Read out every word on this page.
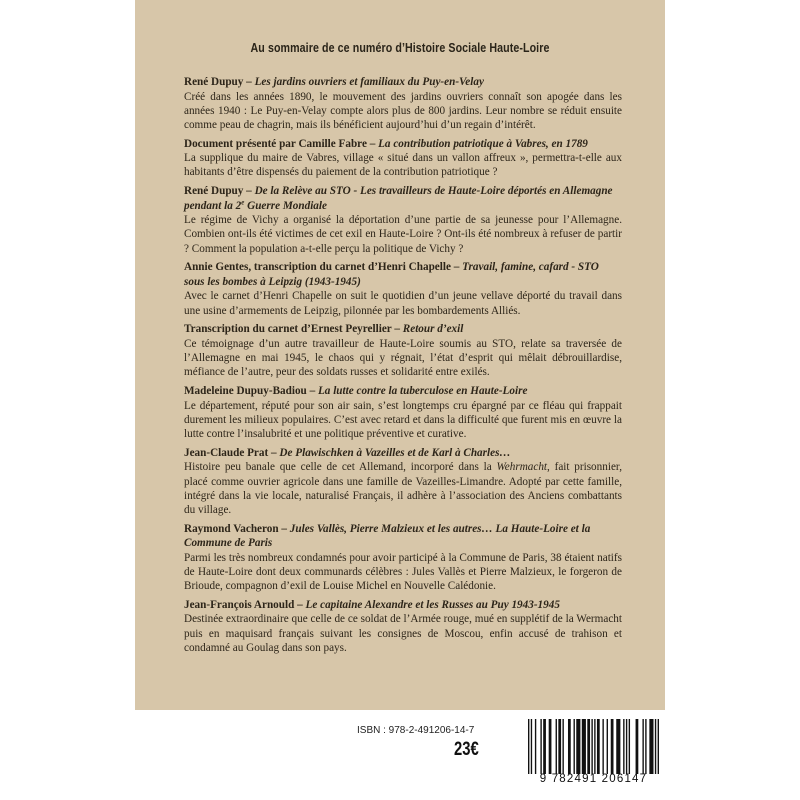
Au sommaire de ce numéro d’Histoire Sociale Haute-Loire
René Dupuy – Les jardins ouvriers et familiaux du Puy-en-Velay

Créé dans les années 1890, le mouvement des jardins ouvriers connaît son apogée dans les années 1940 : Le Puy-en-Velay compte alors plus de 800 jardins. Leur nombre se réduit ensuite comme peau de chagrin, mais ils bénéficient aujourd’hui d’un regain d’intérêt.

Document présenté par Camille Fabre – La contribution patriotique à Vabres, en 1789

La supplique du maire de Vabres, village « situé dans un vallon affreux », permettra-t-elle aux habitants d’être dispensés du paiement de la contribution patriotique ?

René Dupuy – De la Relève au STO - Les travailleurs de Haute-Loire déportés en Allemagne pendant la 2e Guerre Mondiale

Le régime de Vichy a organisé la déportation d’une partie de sa jeunesse pour l’Allemagne. Combien ont-ils été victimes de cet exil en Haute-Loire ? Ont-ils été nombreux à refuser de partir ? Comment la population a-t-elle perçu la politique de Vichy ?

Annie Gentes, transcription du carnet d’Henri Chapelle – Travail, famine, cafard - STO sous les bombes à Leipzig (1943-1945)

Avec le carnet d’Henri Chapelle on suit le quotidien d’un jeune vellave déporté du travail dans une usine d’armements de Leipzig, pilonnée par les bombardements Alliés.

Transcription du carnet d’Ernest Peyrellier – Retour d’exil

Ce témoignage d’un autre travailleur de Haute-Loire soumis au STO, relate sa traversée de l’Allemagne en mai 1945, le chaos qui y régnait, l’état d’esprit qui mêlait débrouillardise, méfiance de l’autre, peur des soldats russes et solidarité entre exilés.

Madeleine Dupuy-Badiou – La lutte contre la tuberculose en Haute-Loire

Le département, réputé pour son air sain, s’est longtemps cru épargné par ce fléau qui frappait durement les milieux populaires. C’est avec retard et dans la difficulté que furent mis en œuvre la lutte contre l’insalubrité et une politique préventive et curative.

Jean-Claude Prat – De Plawischken à Vazeilles et de Karl à Charles…

Histoire peu banale que celle de cet Allemand, incorporé dans la Wehrmacht, fait prisonnier, placé comme ouvrier agricole dans une famille de Vazeilles-Limandre. Adopté par cette famille, intégré dans la vie locale, naturalisé Français, il adhère à l’association des Anciens combattants du village.

Raymond Vacheron – Jules Vallès, Pierre Malzieux et les autres… La Haute-Loire et la Commune de Paris

Parmi les très nombreux condamnés pour avoir participé à la Commune de Paris, 38 étaient natifs de Haute-Loire dont deux communards célèbres : Jules Vallès et Pierre Malzieux, le forgeron de Brioude, compagnon d’exil de Louise Michel en Nouvelle Calédonie.

Jean-François Arnould – Le capitaine Alexandre et les Russes au Puy 1943-1945

Destinée extraordinaire que celle de ce soldat de l’Armée rouge, mué en supplétif de la Wermacht puis en maquisard français suivant les consignes de Moscou, enfin accusé de trahison et condamné au Goulag dans son pays.

ISBN : 978-2-491206-14-7
23€
9 782491 206147
